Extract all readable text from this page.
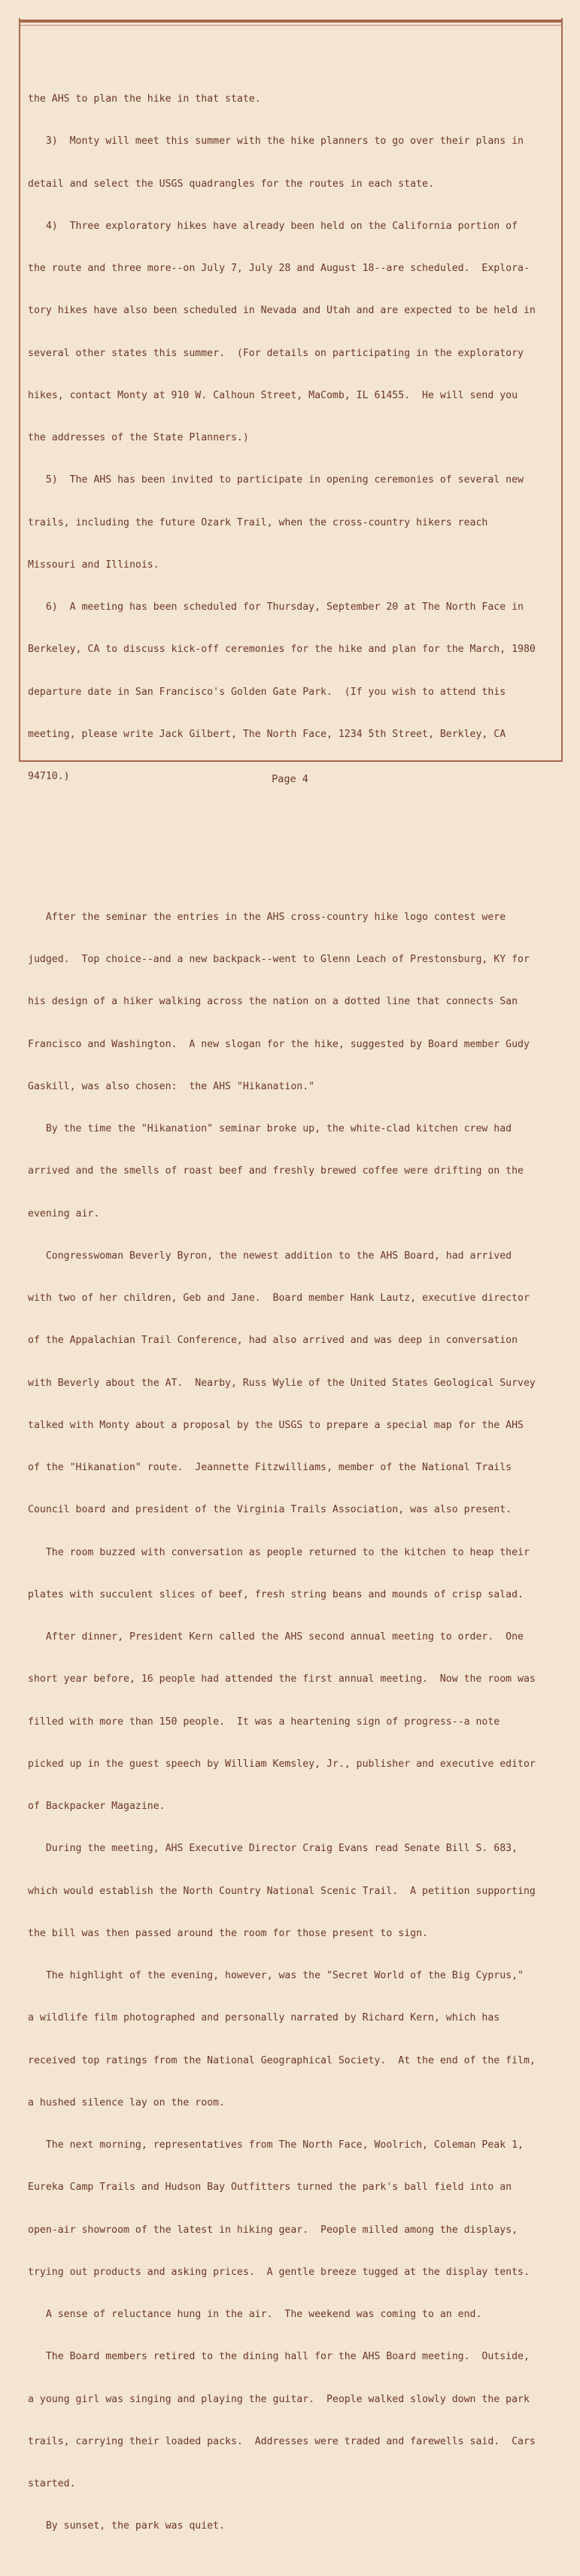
the AHS to plan the hike in that state.

3)  Monty will meet this summer with the hike planners to go over their plans in

detail and select the USGS quadrangles for the routes in each state.

4)  Three exploratory hikes have already been held on the California portion of

the route and three more--on July 7, July 28 and August 18--are scheduled.  Explora-

tory hikes have also been scheduled in Nevada and Utah and are expected to be held in

several other states this summer.  (For details on participating in the exploratory

hikes, contact Monty at 910 W. Calhoun Street, MaComb, IL 61455.  He will send you

the addresses of the State Planners.)

5)  The AHS has been invited to participate in opening ceremonies of several new

trails, including the future Ozark Trail, when the cross-country hikers reach

Missouri and Illinois.

6)  A meeting has been scheduled for Thursday, September 20 at The North Face in

Berkeley, CA to discuss kick-off ceremonies for the hike and plan for the March, 1980

departure date in San Francisco's Golden Gate Park.  (If you wish to attend this

meeting, please write Jack Gilbert, The North Face, 1234 5th Street, Berkley, CA

94710.)

After the seminar the entries in the AHS cross-country hike logo contest were

judged.  Top choice--and a new backpack--went to Glenn Leach of Prestonsburg, KY for

his design of a hiker walking across the nation on a dotted line that connects San

Francisco and Washington.  A new slogan for the hike, suggested by Board member Gudy

Gaskill, was also chosen:  the AHS "Hikanation."

By the time the "Hikanation" seminar broke up, the white-clad kitchen crew had

arrived and the smells of roast beef and freshly brewed coffee were drifting on the

evening air.

Congresswoman Beverly Byron, the newest addition to the AHS Board, had arrived

with two of her children, Geb and Jane.  Board member Hank Lautz, executive director

of the Appalachian Trail Conference, had also arrived and was deep in conversation

with Beverly about the AT.  Nearby, Russ Wylie of the United States Geological Survey

talked with Monty about a proposal by the USGS to prepare a special map for the AHS

of the "Hikanation" route.  Jeannette Fitzwilliams, member of the National Trails

Council board and president of the Virginia Trails Association, was also present.

The room buzzed with conversation as people returned to the kitchen to heap their

plates with succulent slices of beef, fresh string beans and mounds of crisp salad.

After dinner, President Kern called the AHS second annual meeting to order.  One

short year before, 16 people had attended the first annual meeting.  Now the room was

filled with more than 150 people.  It was a heartening sign of progress--a note

picked up in the guest speech by William Kemsley, Jr., publisher and executive editor

of Backpacker Magazine.

During the meeting, AHS Executive Director Craig Evans read Senate Bill S. 683,

which would establish the North Country National Scenic Trail.  A petition supporting

the bill was then passed around the room for those present to sign.

The highlight of the evening, however, was the "Secret World of the Big Cyprus,"

a wildlife film photographed and personally narrated by Richard Kern, which has

received top ratings from the National Geographical Society.  At the end of the film,

a hushed silence lay on the room.

The next morning, representatives from The North Face, Woolrich, Coleman Peak 1,

Eureka Camp Trails and Hudson Bay Outfitters turned the park's ball field into an

open-air showroom of the latest in hiking gear.  People milled among the displays,

trying out products and asking prices.  A gentle breeze tugged at the display tents.

A sense of reluctance hung in the air.  The weekend was coming to an end.

The Board members retired to the dining hall for the AHS Board meeting.  Outside,

a young girl was singing and playing the guitar.  People walked slowly down the park

trails, carrying their loaded packs.  Addresses were traded and farewells said.  Cars

started.

By sunset, the park was quiet.

Page 4
